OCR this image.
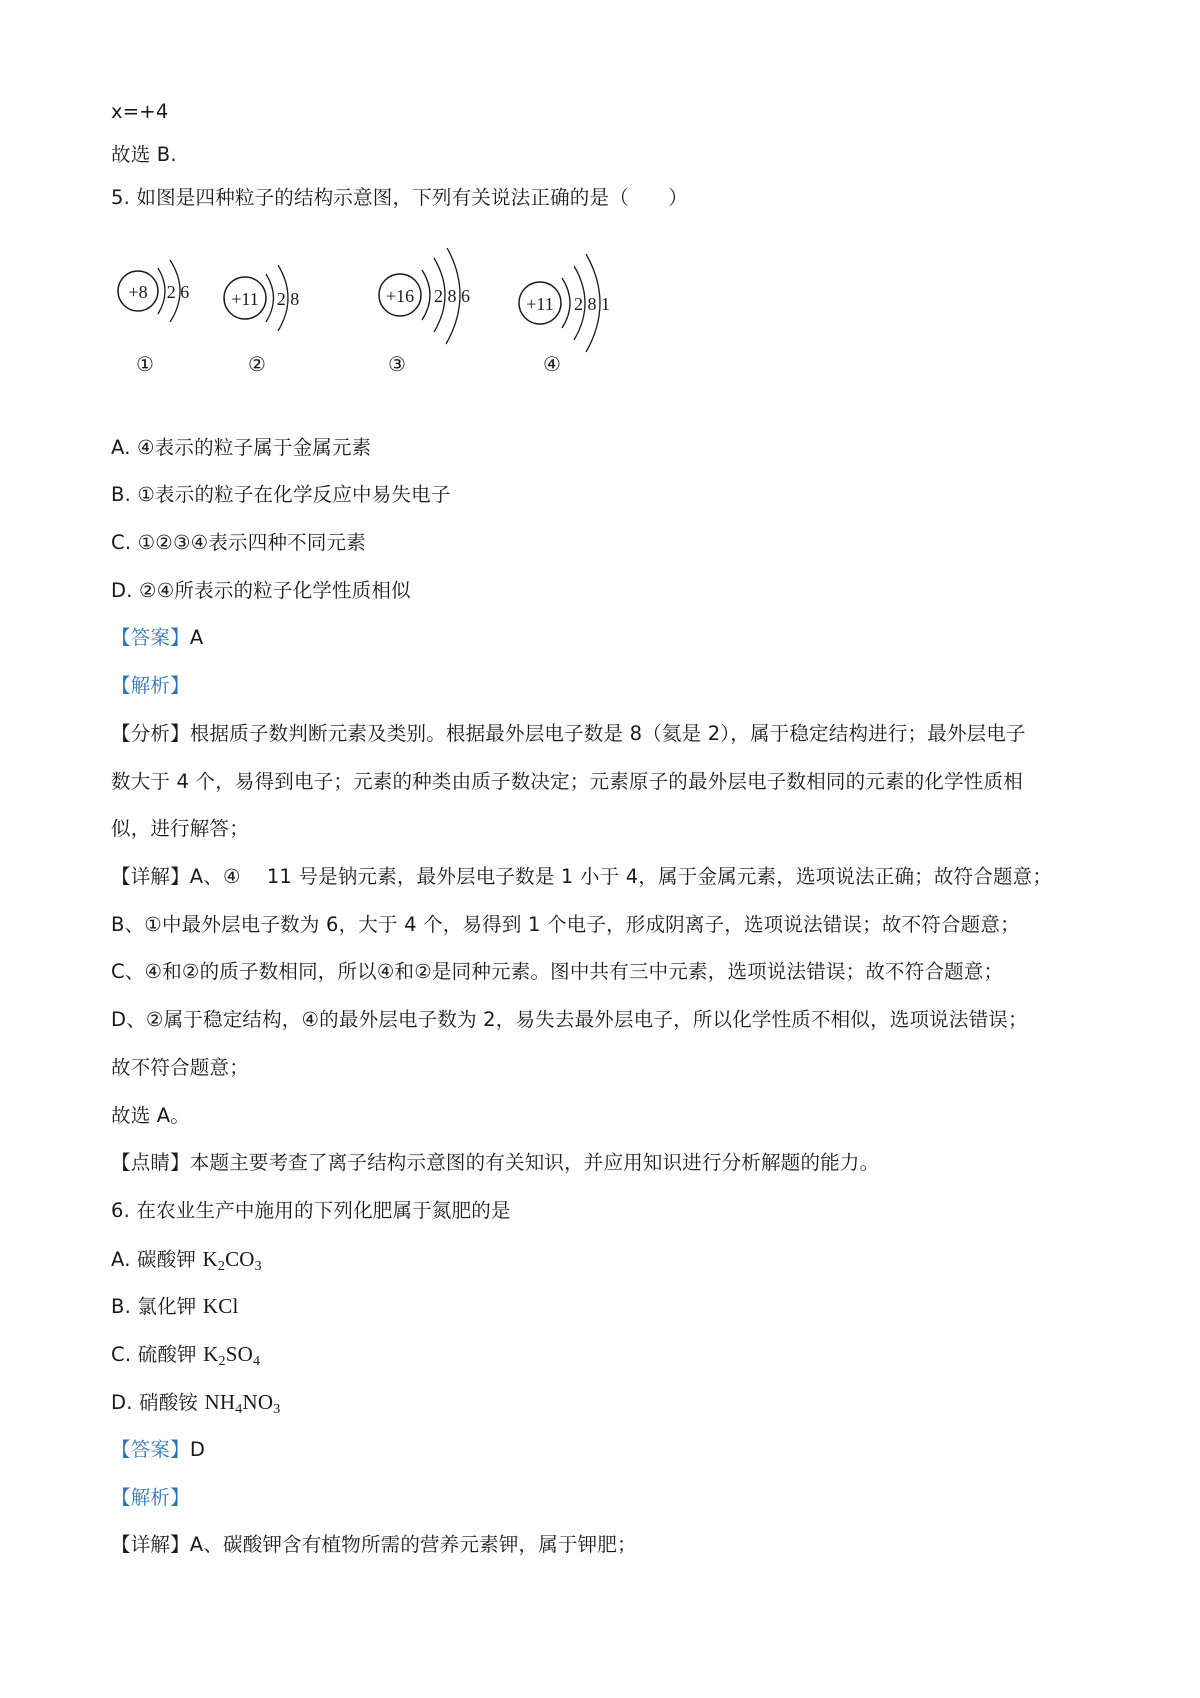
x=+4
故选 B.
5. 如图是四种粒子的结构示意图，下列有关说法正确的是（　　）
+8 2 6
①
+11 2 8
②
+16 2 8 6
③
+11 2 8 1
④
A. ④表示的粒子属于金属元素
B. ①表示的粒子在化学反应中易失电子
C. ①②③④表示四种不同元素
D. ②④所表示的粒子化学性质相似
【答案】A
【解析】
【分析】根据质子数判断元素及类别。根据最外层电子数是 8（氦是 2），属于稳定结构进行；最外层电子
数大于 4 个，易得到电子；元素的种类由质子数决定；元素原子的最外层电子数相同的元素的化学性质相
似，进行解答；
【详解】A、④　 11 号是钠元素，最外层电子数是 1 小于 4，属于金属元素，选项说法正确；故符合题意；
B、①中最外层电子数为 6，大于 4 个，易得到 1 个电子，形成阴离子，选项说法错误；故不符合题意；
C、④和②的质子数相同，所以④和②是同种元素。图中共有三中元素，选项说法错误；故不符合题意；
D、②属于稳定结构，④的最外层电子数为 2，易失去最外层电子，所以化学性质不相似，选项说法错误；
故不符合题意；
故选 A。
【点睛】本题主要考查了离子结构示意图的有关知识，并应用知识进行分析解题的能力。
6. 在农业生产中施用的下列化肥属于氮肥的是
A. 碳酸钾 $K_2CO_3$
B. 氯化钾 KCl
C. 硫酸钾 $K_2SO_4$
D. 硝酸铵 $NH_4NO_3$
【答案】D
【解析】
【详解】A、碳酸钾含有植物所需的营养元素钾，属于钾肥；
